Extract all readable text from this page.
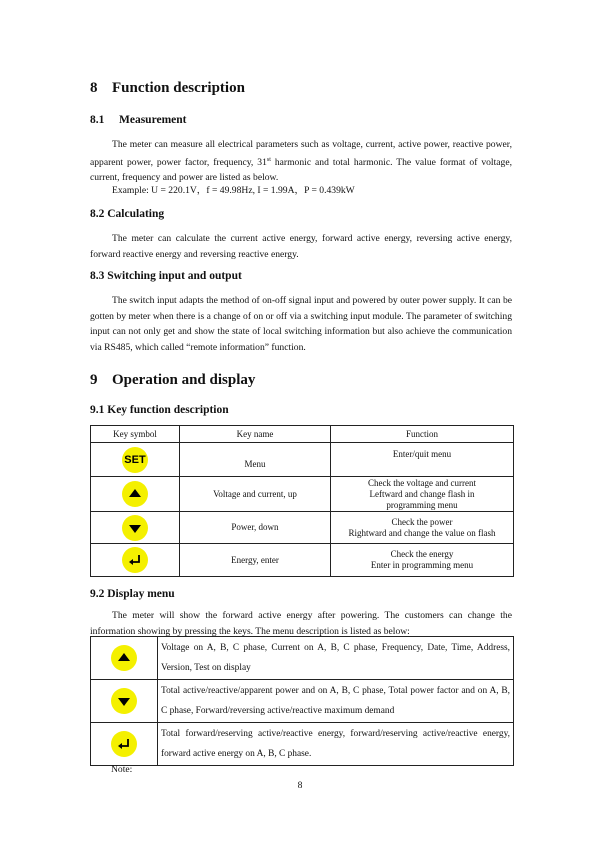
8 Function description
8.1 Measurement

The meter can measure all electrical parameters such as voltage, current, active power, reactive power, apparent power, power factor, frequency, 31st harmonic and total harmonic. The value format of voltage, current, frequency and power are listed as below.

Example: U = 220.1V，f = 49.98Hz, I = 1.99A，P = 0.439kW

8.2 Calculating

The meter can calculate the current active energy, forward active energy, reversing active energy, forward reactive energy and reversing reactive energy.

8.3 Switching input and output

The switch input adapts the method of on-off signal input and powered by outer power supply. It can be gotten by meter when there is a change of on or off via a switching input module. The parameter of switching input can not only get and show the state of local switching information but also achieve the communication via RS485, which called “remote information” function.

9 Operation and display
9.1 Key function description
Key symbol	Key name	Function

SET	Menu	Enter/quit menu

	Voltage and current, up	Check the voltage and current
Leftward and change flash in
programming menu

	Power, down	Check the power
Rightward and change the value on flash

	Energy, enter	Check the energy
Enter in programming menu
9.2 Display menu

The meter will show the forward active energy after powering. The customers can change the information showing by pressing the keys. The menu description is listed as below:

	Voltage on A, B, C phase, Current on A, B, C phase, Frequency, Date, Time, Address, Version, Test on display

	Total active/reactive/apparent power and on A, B, C phase, Total power factor and on A, B, C phase, Forward/reversing active/reactive maximum demand

	Total forward/reserving active/reactive energy, forward/reserving active/reactive energy, forward active energy on A, B, C phase.
Note:
8
